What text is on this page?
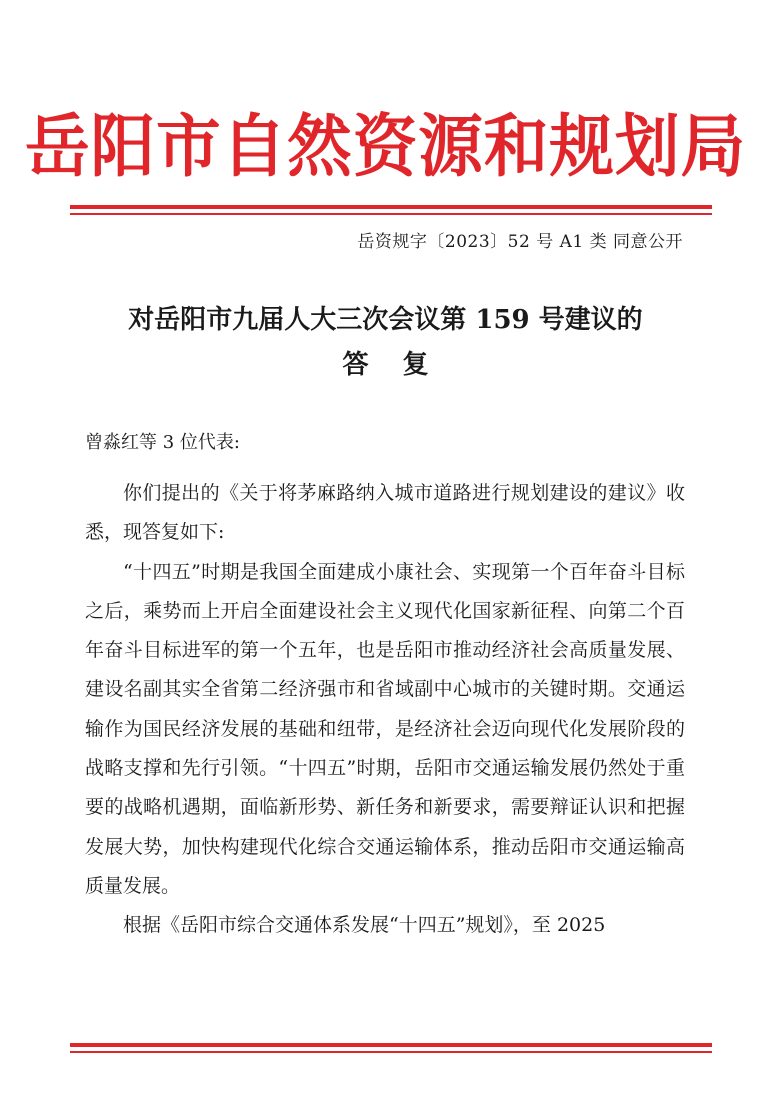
岳阳市自然资源和规划局
岳资规字〔2023〕52 号 A1 类 同意公开
对岳阳市九届人大三次会议第 159 号建议的
答复
曾淼红等 3 位代表:

你们提出的《关于将茅麻路纳入城市道路进行规划建设的建议》收悉，现答复如下:

“十四五”时期是我国全面建成小康社会、实现第一个百年奋斗目标之后，乘势而上开启全面建设社会主义现代化国家新征程、向第二个百年奋斗目标进军的第一个五年，也是岳阳市推动经济社会高质量发展、建设名副其实全省第二经济强市和省域副中心城市的关键时期。交通运输作为国民经济发展的基础和纽带，是经济社会迈向现代化发展阶段的战略支撑和先行引领。“十四五”时期，岳阳市交通运输发展仍然处于重要的战略机遇期，面临新形势、新任务和新要求，需要辩证认识和把握发展大势，加快构建现代化综合交通运输体系，推动岳阳市交通运输高质量发展。

根据《岳阳市综合交通体系发展“十四五”规划》，至 2025
